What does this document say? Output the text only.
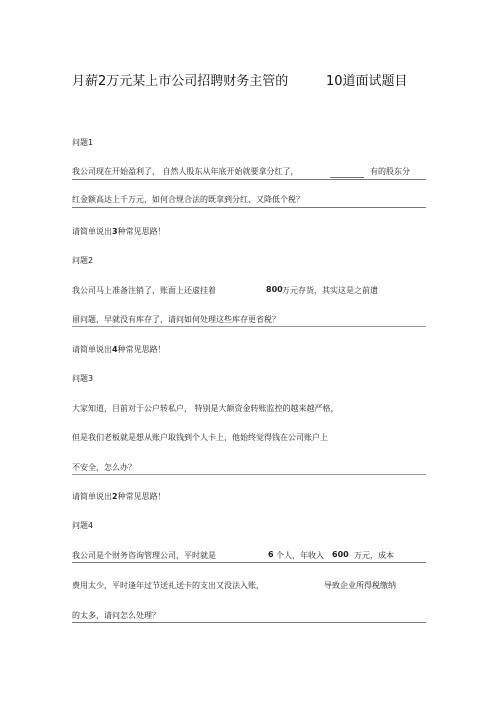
月薪2万元某上市公司招聘财务主管的	10道面试题目
问题1
我公司现在开始盈利了， 自然人股东从年底开始就要拿分红了，	有的股东分
红金额高达上千万元，如何合规合法的既拿到分红、又降低个税？
请简单说出3种常见思路！
问题2
我公司马上准备注销了，账面上还虚挂着	800 万元存货，其实这是之前遗
留问题，早就没有库存了，请问如何处理这些库存更省税？
请简单说出4种常见思路！
问题3
大家知道，目前对于公户转私户， 特别是大额资金转账监控的越来越严格，
但是我们老板就是想从账户取钱到个人卡上，他始终觉得钱在公司账户上
不安全，怎么办？
请简单说出2种常见思路！
问题4
我公司是个财务咨询管理公司，平时就是	6 个人，年收入 600 万元，成本
费用太少，平时逢年过节送礼送卡的支出又没法入账，	导致企业所得税缴纳
的太多，请问怎么处理？
